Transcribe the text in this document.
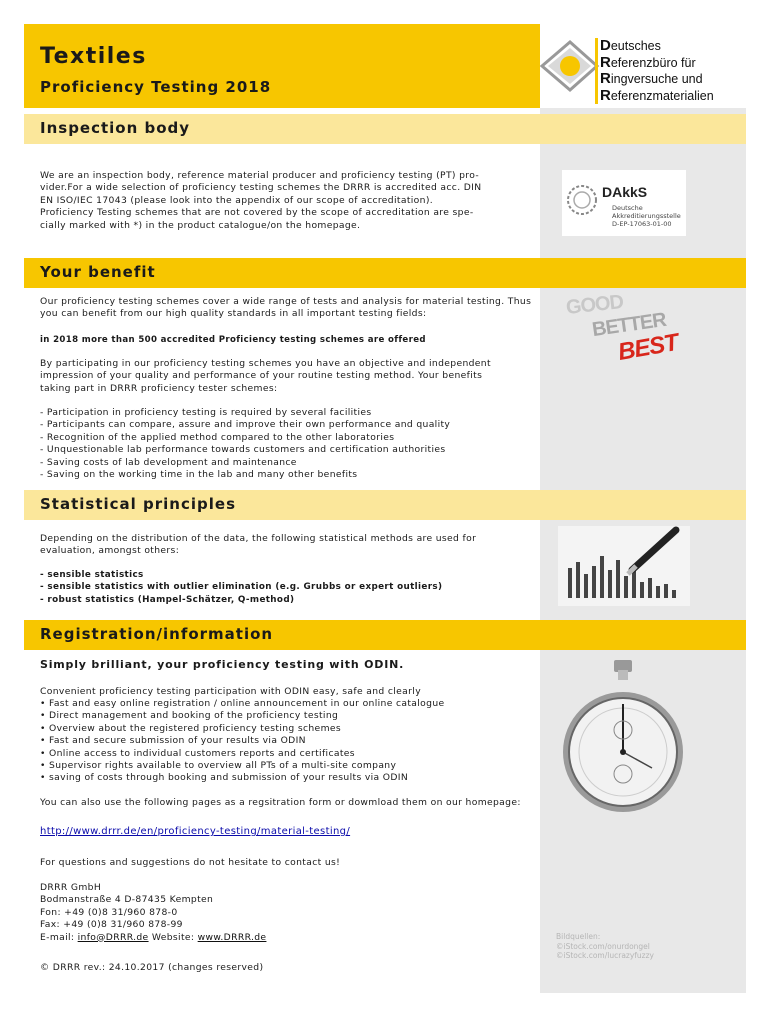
Textiles
Proficiency Testing 2018
Deutsches
Referenzbüro für
Ringversuche und
Referenzmaterialien
Inspection body
We are an inspection body, reference material producer and proficiency testing (PT) pro-
vider.For a wide selection of proficiency testing schemes the DRRR is accredited acc. DIN
EN ISO/IEC 17043 (please look into the appendix of our scope of accreditation).
Proficiency Testing schemes that are not covered by the scope of accreditation are spe-
cially marked with *) in the product catalogue/on the homepage.
DAkkS
Deutsche
Akkreditierungsstelle
D-EP-17063-01-00
Your benefit
Our proficiency testing schemes cover a wide range of tests and analysis for material testing. Thus
you can benefit from our high quality standards in all important testing fields:
in 2018 more than 500 accredited Proficiency testing schemes are offered
By participating in our proficiency testing schemes you have an objective and independent
impression of your quality and performance of your routine testing method. Your benefits
taking part in DRRR proficiency tester schemes:
- Participation in proficiency testing is required by several facilities
- Participants can compare, assure and improve their own performance and quality
- Recognition of the applied method compared to the other laboratories
- Unquestionable lab performance towards customers and certification authorities
- Saving costs of lab development and maintenance
- Saving on the working time in the lab and many other benefits
GOOD
BETTER
BEST
Statistical principles
Depending on the distribution of the data, the following statistical methods are used for
evaluation, amongst others:
- sensible statistics
- sensible statistics with outlier elimination (e.g. Grubbs or expert outliers)
- robust statistics (Hampel-Schätzer, Q-method)
Registration/information
Simply brilliant, your proficiency testing with ODIN.
Convenient proficiency testing participation with ODIN easy, safe and clearly
• Fast and easy online registration / online announcement in our online catalogue
• Direct management and booking of the proficiency testing
• Overview about the registered proficiency testing schemes
• Fast and secure submission of your results via ODIN
• Online access to individual customers reports and certificates
• Supervisor rights available to overview all PTs of a multi-site company
• saving of costs through booking and submission of your results via ODIN
You can also use the following pages as a regsitration form or dowmload them on our homepage:
http://www.drrr.de/en/proficiency-testing/material-testing/
For questions and suggestions do not hesitate to contact us!
DRRR GmbH
Bodmanstraße 4 D-87435 Kempten
Fon: +49 (0)8 31/960 878-0
Fax: +49 (0)8 31/960 878-99
E-mail: info@DRRR.de Website: www.DRRR.de
© DRRR rev.: 24.10.2017 (changes reserved)
Bildquellen:
©iStock.com/onurdongel
©iStock.com/lucrazyfuzzy
